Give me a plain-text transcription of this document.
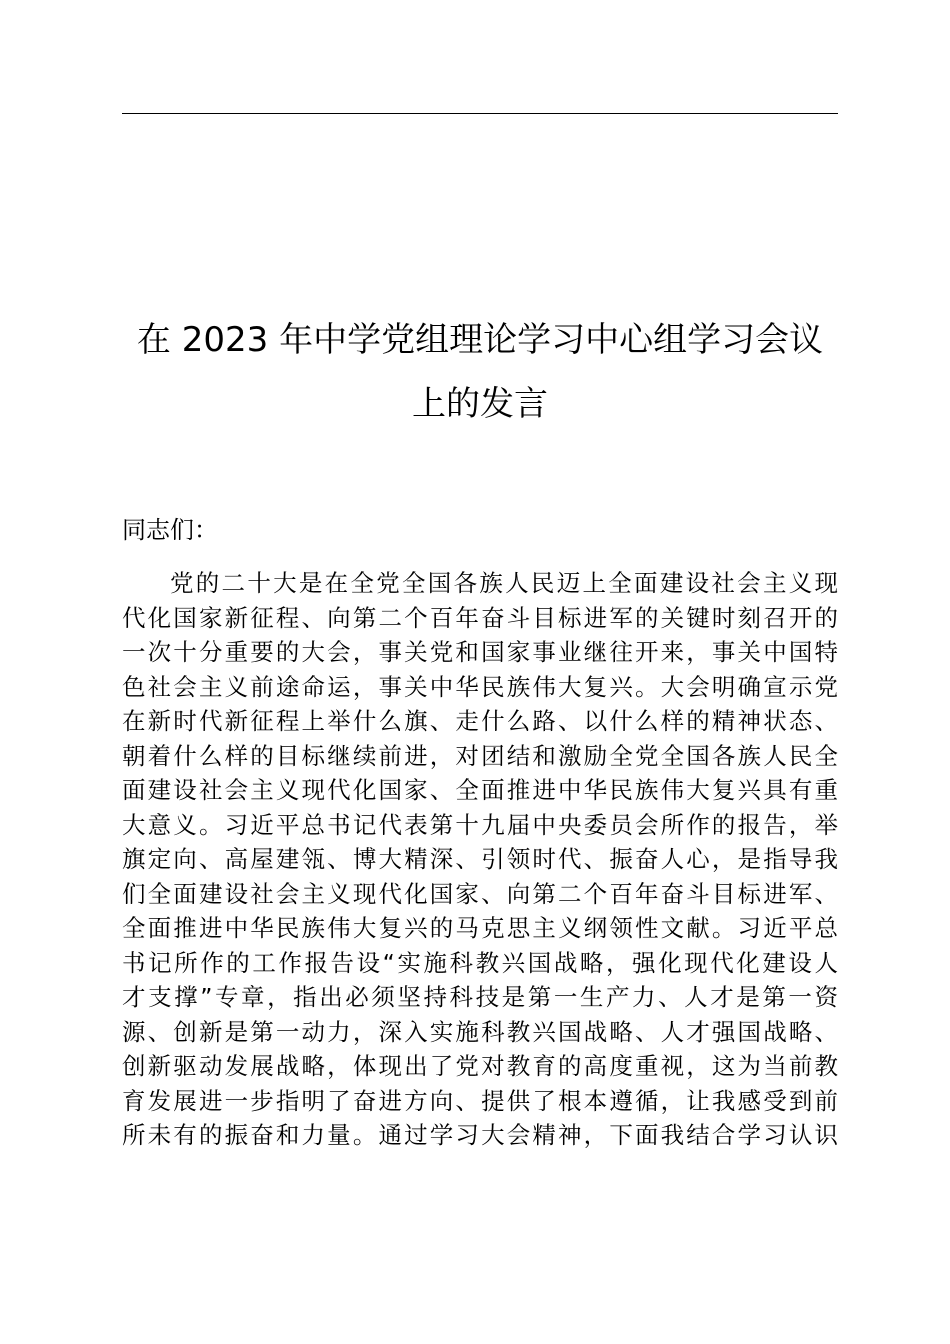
在 2023 年中学党组理论学习中心组学习会议
上的发言
同志们：
党的二十大是在全党全国各族人民迈上全面建设社会主义现
代化国家新征程、向第二个百年奋斗目标进军的关键时刻召开的
一次十分重要的大会，事关党和国家事业继往开来，事关中国特
色社会主义前途命运，事关中华民族伟大复兴。大会明确宣示党
在新时代新征程上举什么旗、走什么路、以什么样的精神状态、
朝着什么样的目标继续前进，对团结和激励全党全国各族人民全
面建设社会主义现代化国家、全面推进中华民族伟大复兴具有重
大意义。习近平总书记代表第十九届中央委员会所作的报告，举
旗定向、高屋建瓴、博大精深、引领时代、振奋人心，是指导我
们全面建设社会主义现代化国家、向第二个百年奋斗目标进军、
全面推进中华民族伟大复兴的马克思主义纲领性文献。习近平总
书记所作的工作报告设“实施科教兴国战略，强化现代化建设人
才支撑”专章，指出必须坚持科技是第一生产力、人才是第一资
源、创新是第一动力，深入实施科教兴国战略、人才强国战略、
创新驱动发展战略，体现出了党对教育的高度重视，这为当前教
育发展进一步指明了奋进方向、提供了根本遵循，让我感受到前
所未有的振奋和力量。通过学习大会精神，下面我结合学习认识
